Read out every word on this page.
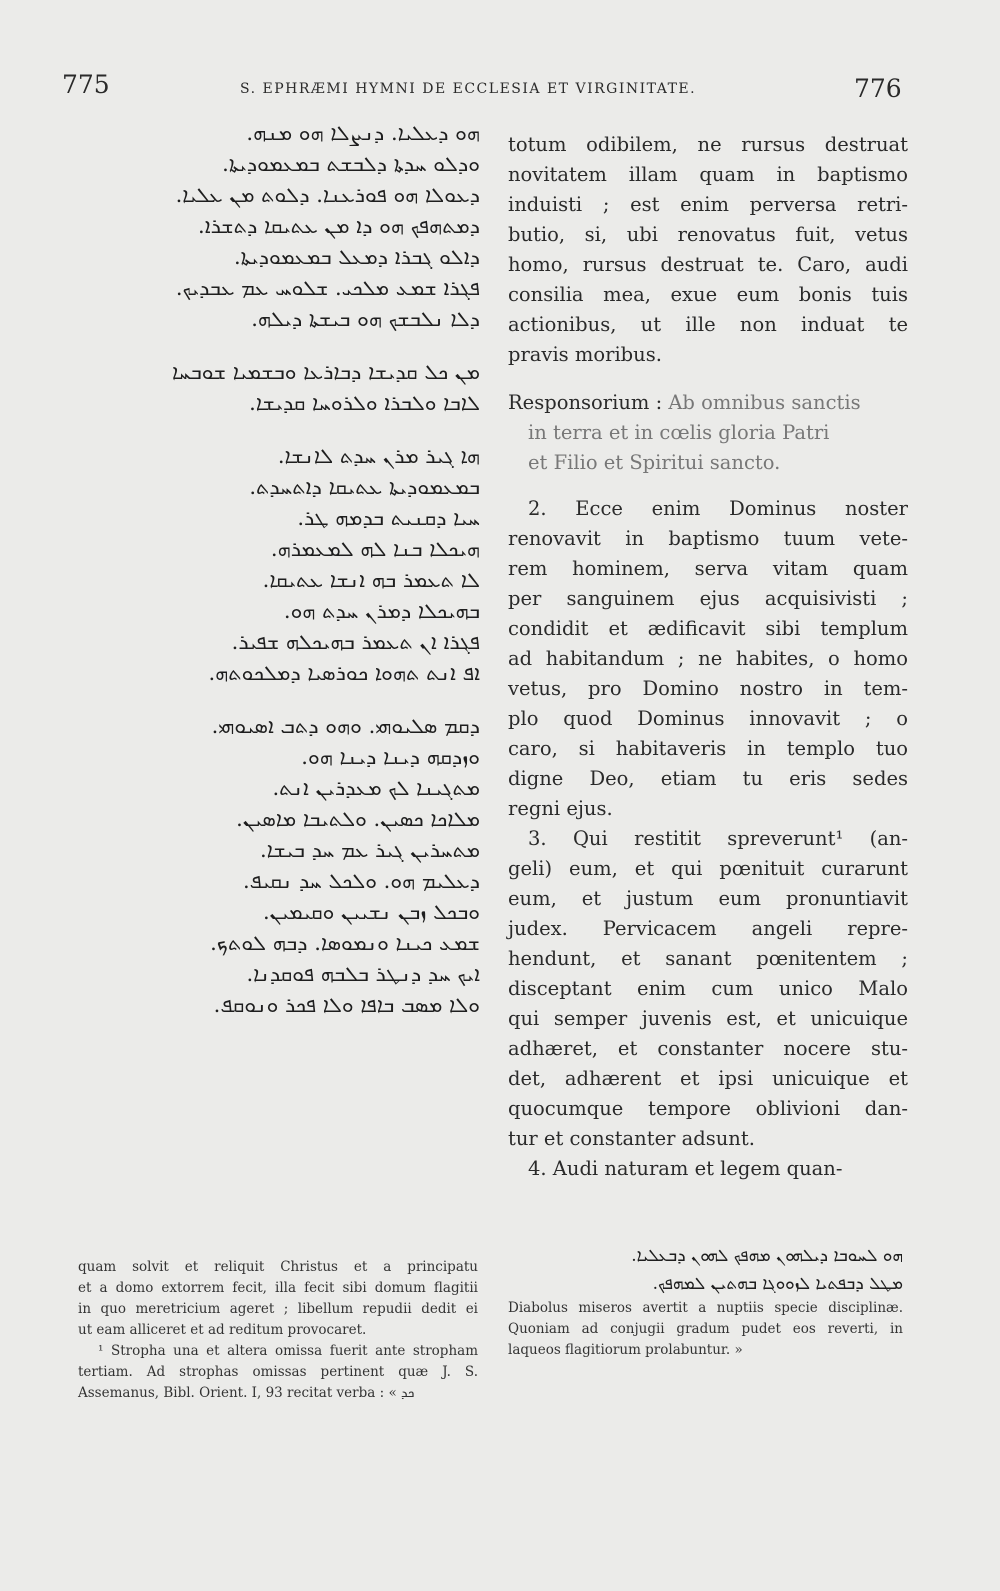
775	S. EPHRÆMI HYMNI DE ECCLESIA ET VIRGINITATE.	776
ܗܘ ܕܥܠܝܐ. ܕܢܨܠܐ ܗܘ ܡܢܗ.
ܘܕܠܘ ܚܕܬܐ ܕܠܒܫܬ ܒܡܥܡܘܕܝܬܐ.
ܕܥܘܠܐ ܗܘ ܦܘܪܥܢܐ. ܕܠܘܬ ܡܢ ܥܠܝܐ.
ܕܡܬܗܦܟ ܗܘ ܕܐ ܡܢ ܥܬܝܩܐ ܕܬܫܪܐ.
ܕܐܠܘ ܓܒܪܐ ܕܡܥܠ ܒܡܥܡܘܕܝܬܐ.
ܦܓܪܐ ܫܡܥ ܡܠܟܝ. ܫܠܘܚ ܥܡ ܥܒܕܝܟ.
ܕܠܐ ܢܠܒܫܟ ܗܘ ܒܝܫܬܐ ܕܝܠܗ.
ܡܢ ܟܠ ܩܕܝܫܐ ܕܒܐܪܥܐ ܘܒܫܡܝܐ ܫܘܒܚܐ
ܠܐܒܐ ܘܠܒܪܐ ܘܠܪܘܚܐ ܩܕܝܫܐ.
ܗܐ ܓܝܪ ܡܪܢ ܚܕܬ ܠܐܢܫܐ.
ܒܡܥܡܘܕܝܬܐ ܥܬܝܩܐ ܕܐܬܚܕܬ.
ܚܝܐ ܕܩܢܝܬ ܒܕܡܗ ܛܪ.
ܗܝܟܠܐ ܒܢܐ ܠܗ ܠܡܥܡܪܗ.
ܠܐ ܬܥܡܪ ܒܗ ܐܢܫܐ ܥܬܝܩܐ.
ܒܗܝܟܠܐ ܕܡܪܢ ܚܕܬ ܗܘ.
ܦܓܪܐ ܐܢ ܬܥܡܪ ܒܗܝܟܠܗ ܫܦܝܪ.
ܐܦ ܐܢܬ ܬܗܘܐ ܟܘܪܣܝܐ ܕܡܠܟܘܬܗ.
ܕܩܡ ܣܠܝܘܗܝ. ܘܗܘ ܕܬܒ ܐܣܝܘܗܝ.
ܘܙܕܩܗ ܕܝܢܐ ܕܝܢܐ ܗܘ.
ܡܬܓܝܢܐ ܠܟ ܡܥܕܪܝܢ ܐܢܬ.
ܡܠܐܟܐ ܟܣܝܢ. ܘܠܬܝܒܐ ܡܐܣܝܢ.
ܡܬܚܪܝܢ ܓܝܪ ܥܡ ܚܕ ܒܝܫܐ.
ܕܥܠܝܡ ܗܘ. ܘܠܟܠ ܚܕ ܢܩܝܦ.
ܘܒܟܠ ܙܒܢ ܢܫܝܝܢ ܘܩܝܡܝܢ.
ܫܡܥ ܟܝܢܐ ܘܢܡܘܣܐ. ܕܒܗ ܠܘܬܟ.
ܐܝܟ ܚܕ ܕܢܛܪ ܒܠܒܗ ܦܘܩܕܢܐ.
ܘܠܐ ܡܣܒ ܒܐܦܐ ܘܠܐ ܦܟܪ ܘܢܘܩܦ.
totum odibilem, ne rursus destruat
novitatem illam quam in baptismo
induisti ; est enim perversa retri-
butio, si, ubi renovatus fuit, vetus
homo, rursus destruat te. Caro, audi
consilia mea, exue eum bonis tuis
actionibus, ut ille non induat te
pravis moribus.
Responsorium : Ab omnibus sanctis
in terra et in cœlis gloria Patri
et Filio et Spiritui sancto.
2. Ecce enim Dominus noster
renovavit in baptismo tuum vete-
rem hominem, serva vitam quam
per sanguinem ejus acquisivisti ;
condidit et ædificavit sibi templum
ad habitandum ; ne habites, o homo
vetus, pro Domino nostro in tem-
plo quod Dominus innovavit ; o
caro, si habitaveris in templo tuo
digne Deo, etiam tu eris sedes
regni ejus.
3. Qui restitit spreverunt¹ (an-
geli) eum, et qui pœnituit curarunt
eum, et justum eum pronuntiavit
judex. Pervicacem angeli repre-
hendunt, et sanant pœnitentem ;
disceptant enim cum unico Malo
qui semper juvenis est, et unicuique
adhæret, et constanter nocere stu-
det, adhærent et ipsi unicuique et
quocumque tempore oblivioni dan-
tur et constanter adsunt.
4. Audi naturam et legem quan-
quam solvit et reliquit Christus et a principatu
et a domo extorrem fecit, illa fecit sibi domum flagitii
in quo meretricium ageret ; libellum repudii dedit ei
ut eam alliceret et ad reditum provocaret.
¹ Stropha una et altera omissa fuerit ante stropham
tertiam. Ad strophas omissas pertinent quæ J. S.
Assemanus, Bibl. Orient. I, 93 recitat verba : « ܟܕ
ܗܘ ܠܚܘܒܐ ܕܝܠܗܘܢ ܡܗܦܟ ܠܗܘܢ ܕܒܥܠܝܐ.
ܡܛܠ ܕܒܦܬܝܐ ܠܙܘܘܓܐ ܒܗܬܝܢ ܠܡܗܦܟ.
Diabolus miseros avertit a nuptiis specie disciplinæ.
Quoniam ad conjugii gradum pudet eos reverti, in
laqueos flagitiorum prolabuntur. »
